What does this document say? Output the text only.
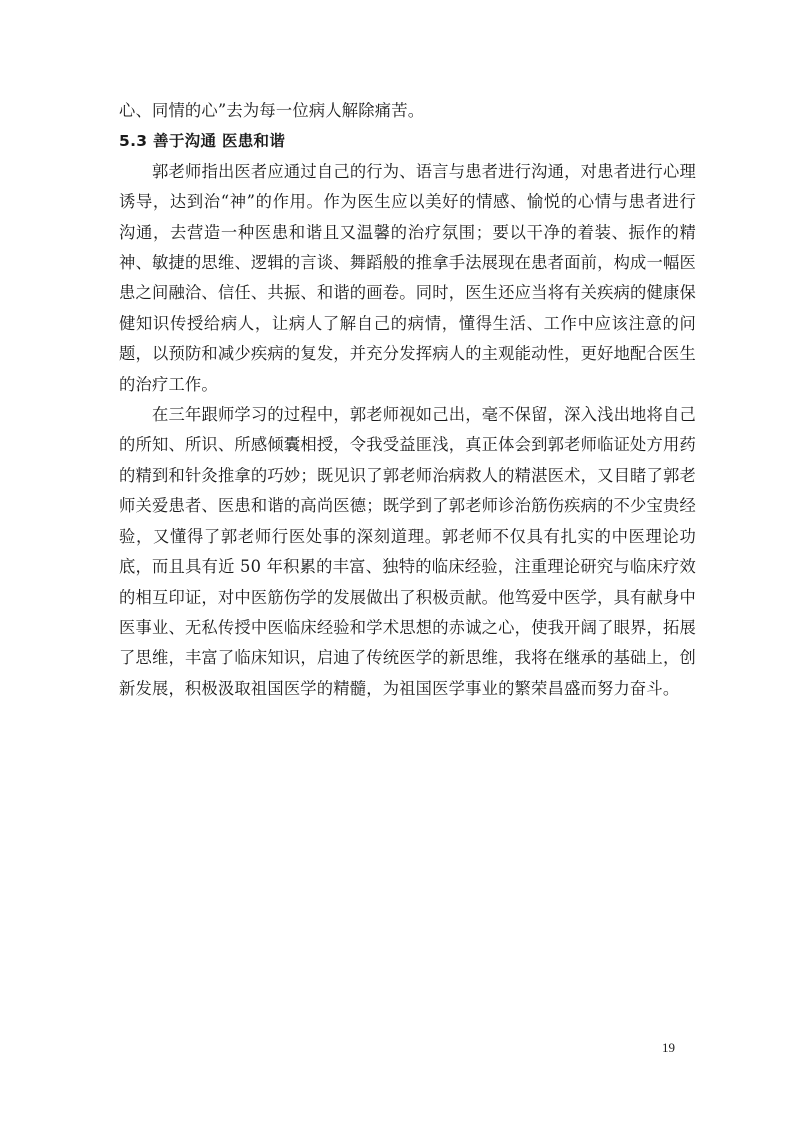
心、同情的心”去为每一位病人解除痛苦。

5.3 善于沟通 医患和谐

郭老师指出医者应通过自己的行为、语言与患者进行沟通，对患者进行心理诱导，达到治“神”的作用。作为医生应以美好的情感、愉悦的心情与患者进行沟通，去营造一种医患和谐且又温馨的治疗氛围；要以干净的着装、振作的精神、敏捷的思维、逻辑的言谈、舞蹈般的推拿手法展现在患者面前，构成一幅医患之间融洽、信任、共振、和谐的画卷。同时，医生还应当将有关疾病的健康保健知识传授给病人，让病人了解自己的病情，懂得生活、工作中应该注意的问题，以预防和减少疾病的复发，并充分发挥病人的主观能动性，更好地配合医生的治疗工作。

在三年跟师学习的过程中，郭老师视如己出，毫不保留，深入浅出地将自己的所知、所识、所感倾囊相授，令我受益匪浅，真正体会到郭老师临证处方用药的精到和针灸推拿的巧妙；既见识了郭老师治病救人的精湛医术，又目睹了郭老师关爱患者、医患和谐的高尚医德；既学到了郭老师诊治筋伤疾病的不少宝贵经验，又懂得了郭老师行医处事的深刻道理。郭老师不仅具有扎实的中医理论功底，而且具有近 50 年积累的丰富、独特的临床经验，注重理论研究与临床疗效的相互印证，对中医筋伤学的发展做出了积极贡献。他笃爱中医学，具有献身中医事业、无私传授中医临床经验和学术思想的赤诚之心，使我开阔了眼界，拓展了思维，丰富了临床知识，启迪了传统医学的新思维，我将在继承的基础上，创新发展，积极汲取祖国医学的精髓，为祖国医学事业的繁荣昌盛而努力奋斗。

19
